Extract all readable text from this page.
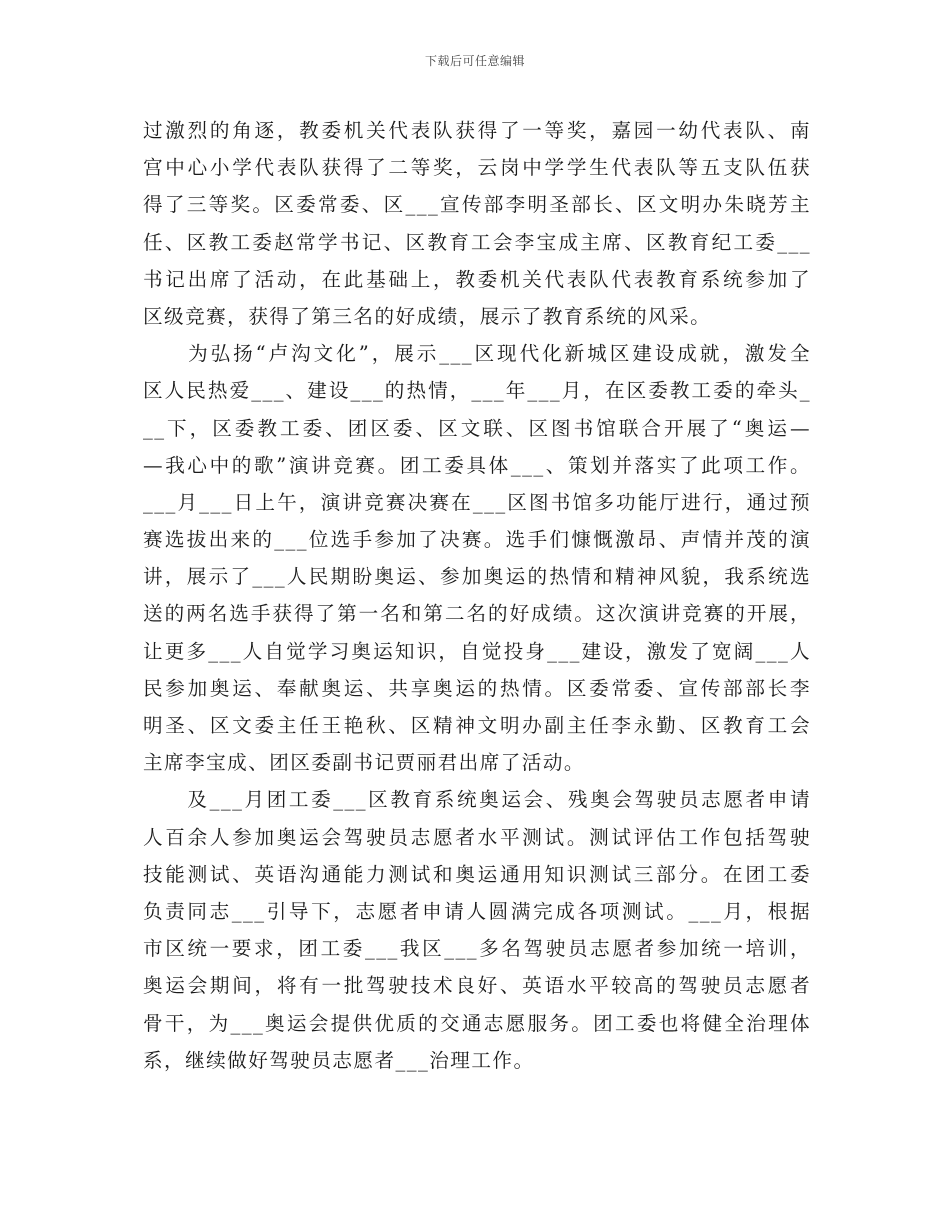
下载后可任意编辑
过激烈的角逐，教委机关代表队获得了一等奖，嘉园一幼代表队、南
宫中心小学代表队获得了二等奖，云岗中学学生代表队等五支队伍获
得了三等奖。区委常委、区___宣传部李明圣部长、区文明办朱晓芳主
任、区教工委赵常学书记、区教育工会李宝成主席、区教育纪工委___
书记出席了活动，在此基础上，教委机关代表队代表教育系统参加了
区级竞赛，获得了第三名的好成绩，展示了教育系统的风采。
　　为弘扬“卢沟文化”，展示___区现代化新城区建设成就，激发全
区人民热爱___、建设___的热情，___年___月，在区委教工委的牵头_
__下，区委教工委、团区委、区文联、区图书馆联合开展了“奥运—
—我心中的歌”演讲竞赛。团工委具体___、策划并落实了此项工作。
___月___日上午，演讲竞赛决赛在___区图书馆多功能厅进行，通过预
赛选拔出来的___位选手参加了决赛。选手们慷慨激昂、声情并茂的演
讲，展示了___人民期盼奥运、参加奥运的热情和精神风貌，我系统选
送的两名选手获得了第一名和第二名的好成绩。这次演讲竞赛的开展，
让更多___人自觉学习奥运知识，自觉投身___建设，激发了宽阔___人
民参加奥运、奉献奥运、共享奥运的热情。区委常委、宣传部部长李
明圣、区文委主任王艳秋、区精神文明办副主任李永勤、区教育工会
主席李宝成、团区委副书记贾丽君出席了活动。
　　及___月团工委___区教育系统奥运会、残奥会驾驶员志愿者申请
人百余人参加奥运会驾驶员志愿者水平测试。测试评估工作包括驾驶
技能测试、英语沟通能力测试和奥运通用知识测试三部分。在团工委
负责同志___引导下，志愿者申请人圆满完成各项测试。___月，根据
市区统一要求，团工委___我区___多名驾驶员志愿者参加统一培训，
奥运会期间，将有一批驾驶技术良好、英语水平较高的驾驶员志愿者
骨干，为___奥运会提供优质的交通志愿服务。团工委也将健全治理体
系，继续做好驾驶员志愿者___治理工作。
